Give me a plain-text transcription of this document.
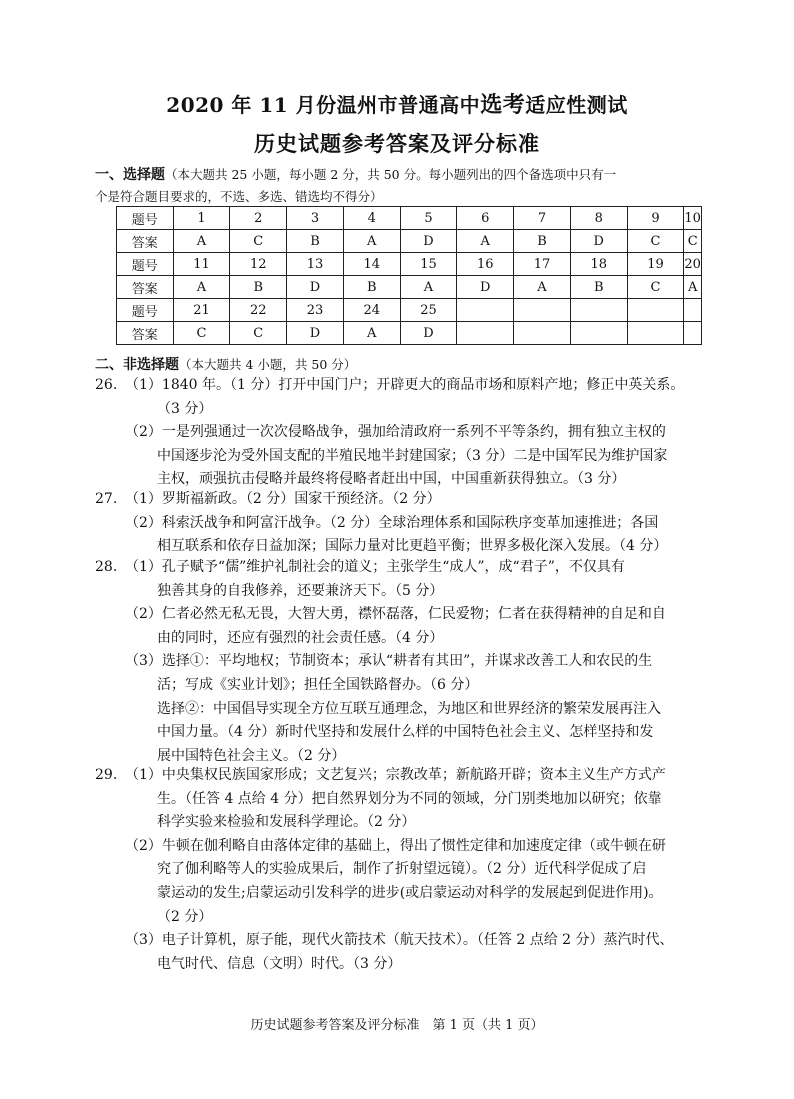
2020 年 11 月份温州市普通高中选考适应性测试
历史试题参考答案及评分标准
一、选择题（本大题共 25 小题，每小题 2 分，共 50 分。每小题列出的四个备选项中只有一
个是符合题目要求的，不选、多选、错选均不得分）
题号	1	2	3	4	5	6	7	8	9	10
答案	A	C	B	A	D	A	B	D	C	C
题号	11	12	13	14	15	16	17	18	19	20
答案	A	B	D	B	A	D	A	B	C	A
题号	21	22	23	24	25					
答案	C	C	D	A	D					
二、非选择题（本大题共 4 小题，共 50 分）
26. （1）1840 年。（1 分）打开中国门户；开辟更大的商品市场和原料产地；修正中英关系。
（3 分）
（2）一是列强通过一次次侵略战争，强加给清政府一系列不平等条约，拥有独立主权的
中国逐步沦为受外国支配的半殖民地半封建国家；（3 分）二是中国军民为维护国家
主权，顽强抗击侵略并最终将侵略者赶出中国，中国重新获得独立。（3 分）
27. （1）罗斯福新政。（2 分）国家干预经济。（2 分）
（2）科索沃战争和阿富汗战争。（2 分）全球治理体系和国际秩序变革加速推进；各国
相互联系和依存日益加深；国际力量对比更趋平衡；世界多极化深入发展。（4 分）
28. （1）孔子赋予“儒”维护礼制社会的道义；主张学生“成人”，成“君子”，不仅具有
独善其身的自我修养，还要兼济天下。（5 分）
（2）仁者必然无私无畏，大智大勇，襟怀磊落，仁民爱物；仁者在获得精神的自足和自
由的同时，还应有强烈的社会责任感。（4 分）
（3）选择①：平均地权；节制资本；承认“耕者有其田”，并谋求改善工人和农民的生
活；写成《实业计划》；担任全国铁路督办。（6 分）
选择②：中国倡导实现全方位互联互通理念，为地区和世界经济的繁荣发展再注入
中国力量。（4 分）新时代坚持和发展什么样的中国特色社会主义、怎样坚持和发
展中国特色社会主义。（2 分）
29. （1）中央集权民族国家形成；文艺复兴；宗教改革；新航路开辟；资本主义生产方式产
生。（任答 4 点给 4 分）把自然界划分为不同的领域，分门别类地加以研究；依靠
科学实验来检验和发展科学理论。（2 分）
（2）牛顿在伽利略自由落体定律的基础上，得出了惯性定律和加速度定律（或牛顿在研
究了伽利略等人的实验成果后，制作了折射望远镜）。（2 分）近代科学促成了启
蒙运动的发生;启蒙运动引发科学的进步(或启蒙运动对科学的发展起到促进作用)。
（2 分）
（3）电子计算机，原子能，现代火箭技术（航天技术）。（任答 2 点给 2 分）蒸汽时代、
电气时代、信息（文明）时代。（3 分）
历史试题参考答案及评分标准　第 1 页（共 1 页）
